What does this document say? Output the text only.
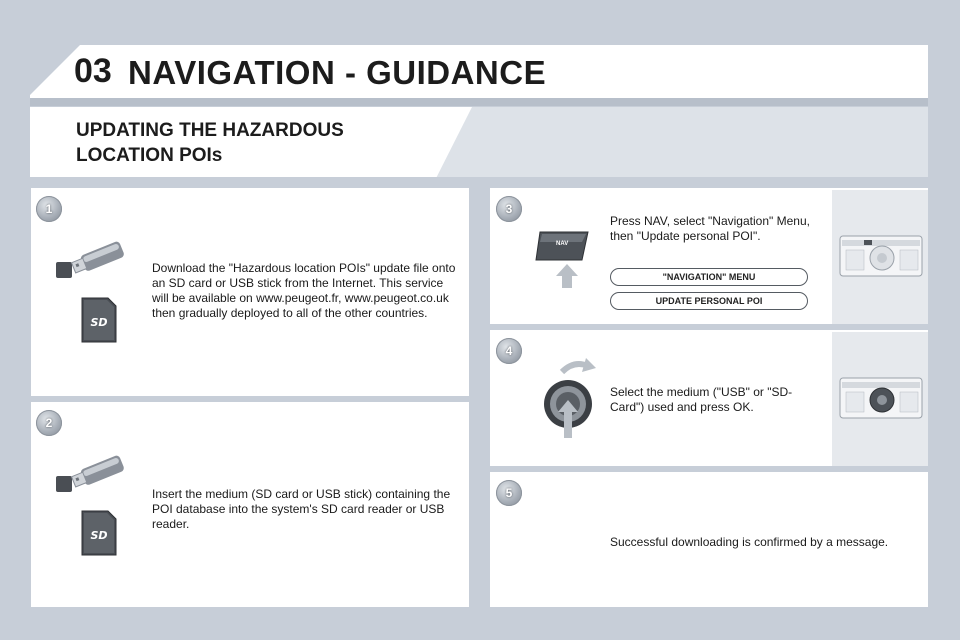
03 NAVIGATION - GUIDANCE
UPDATING THE HAZARDOUS
LOCATION POIs
1
2
3
4
5
SD
Download the "Hazardous location POIs" update file onto an SD card or USB stick from the Internet. This service will be available on www.peugeot.fr, www.peugeot.co.uk then gradually deployed to all of the other countries.
SD
Insert the medium (SD card or USB stick) containing the POI database into the system's SD card reader or USB reader.
NAV
Press NAV, select "Navigation" Menu, then "Update personal POI".
"NAVIGATION" MENU
UPDATE PERSONAL POI
Select the medium ("USB" or "SD-Card") used and press OK.
Successful downloading is confirmed by a message.
